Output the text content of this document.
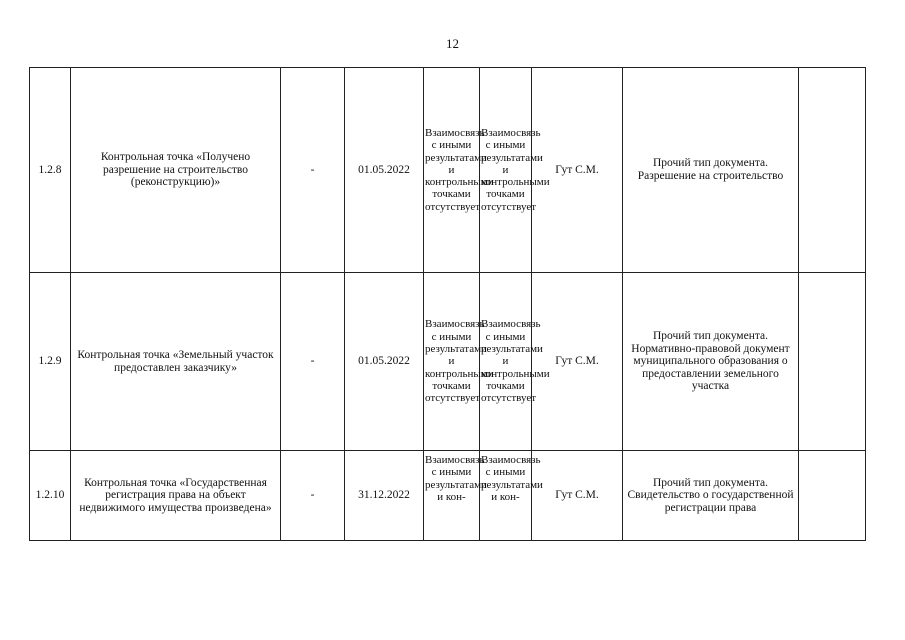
12
1.2.8	Контрольная точка «Получено разрешение на строительство (реконструкцию)»	-	01.05.2022	Взаимосвязь с иными результатами и контрольными точками отсутствует	Взаимосвязь с иными результатами и контрольными точками отсутствует	Гут С.М.	Прочий тип документа. Разрешение на строительство	
1.2.9	Контрольная точка «Земельный участок предоставлен заказчику»	-	01.05.2022	Взаимосвязь с иными результатами и контрольными точками отсутствует	Взаимосвязь с иными результатами и контрольными точками отсутствует	Гут С.М.	Прочий тип документа. Нормативно-правовой документ муниципального образования о предоставлении земельного участка	
1.2.10	Контрольная точка «Государственная регистрация права на объект недвижимого имущества произведена»	-	31.12.2022	Взаимосвязь с иными результатами и кон-	Взаимосвязь с иными результатами и кон-	Гут С.М.	Прочий тип документа. Свидетельство о государственной регистрации права	
